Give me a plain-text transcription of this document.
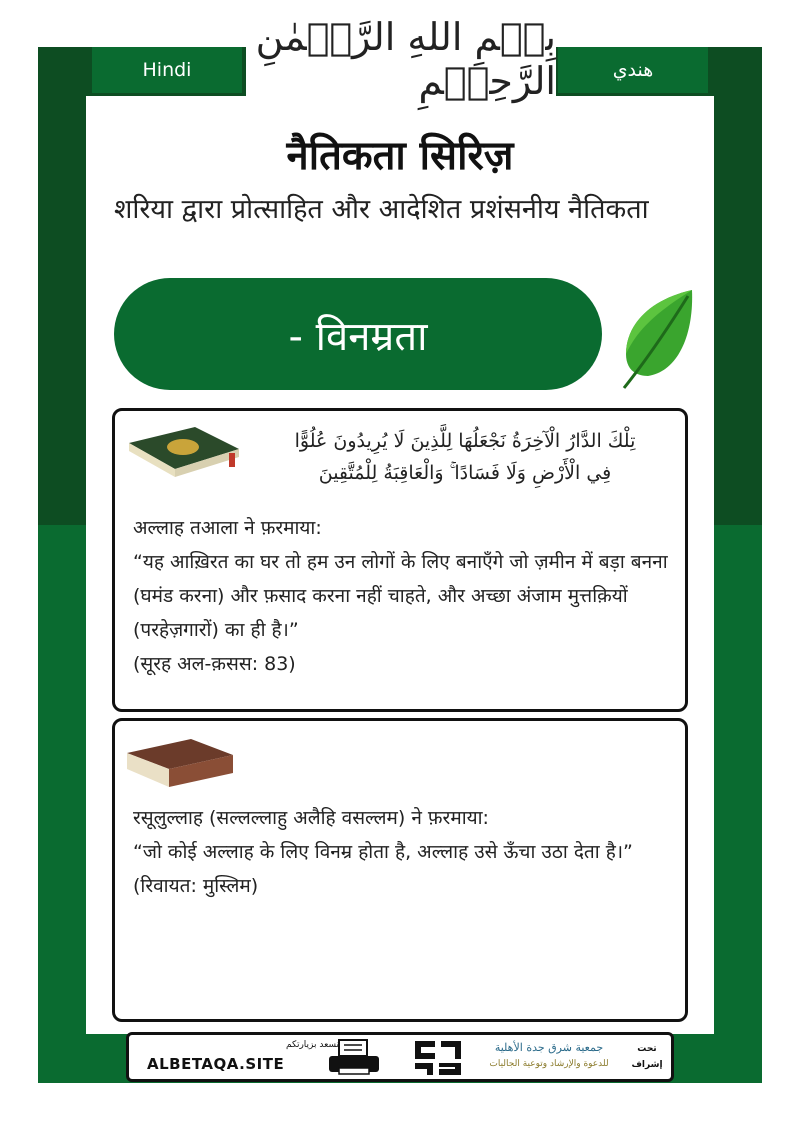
Hindi	هندي
بِسۡمِ اللهِ الرَّحۡمٰنِ الرَّحِيۡمِ
नैतिकता सिरिज़
शरिया द्वारा प्रोत्साहित और आदेशित प्रशंसनीय नैतिकता
- विनम्रता
تِلْكَ الدَّارُ الْآخِرَةُ نَجْعَلُهَا لِلَّذِينَ لَا يُرِيدُونَ عُلُوًّا
فِي الْأَرْضِ وَلَا فَسَادًا ۚ وَالْعَاقِبَةُ لِلْمُتَّقِينَ

अल्लाह तआला ने फ़रमाया:

“यह आख़िरत का घर तो हम उन लोगों के लिए बनाएँगे जो ज़मीन में बड़ा बनना (घमंड करना) और फ़साद करना नहीं चाहते, और अच्छा अंजाम मुत्तक़ियों (परहेज़गारों) का ही है।”

(सूरह अल-क़सस: 83)

रसूलुल्लाह (सल्लल्लाहु अलैहि वसल्लम) ने फ़रमाया:

“जो कोई अल्लाह के लिए विनम्र होता है, अल्लाह उसे ऊँचा उठा देता है।”

(रिवायत: मुस्लिम)

نسعد بزيارتكم
ALBETAQA.SITE
جمعية شرق جدة الأهلية
للدعوة والإرشاد وتوعية الجاليات
تحت إشراف
